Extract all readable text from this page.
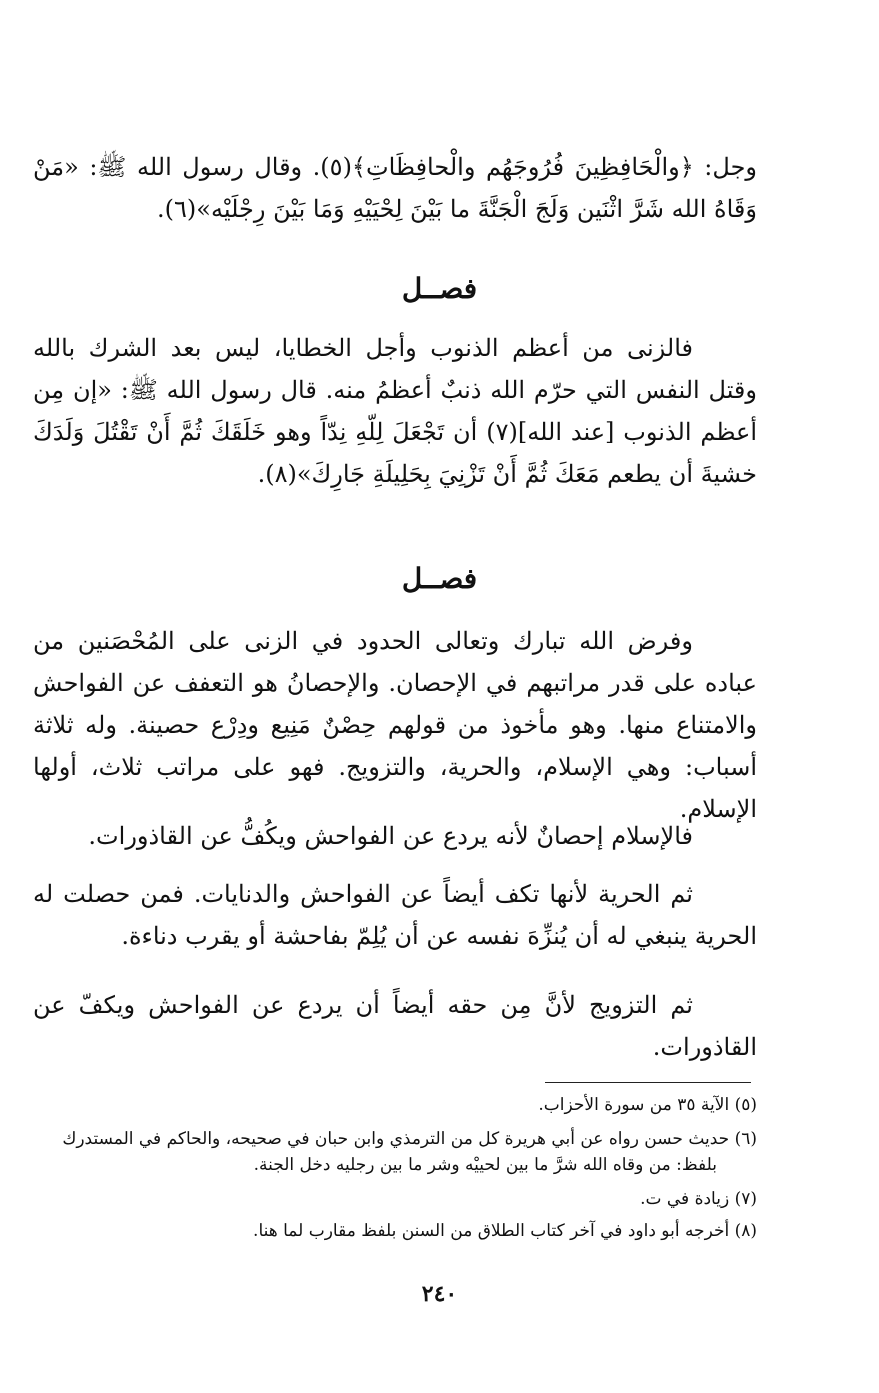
وجل: ﴿والْحَافِظِينَ فُرُوجَهُم والْحافِظَاتِ﴾(٥). وقال رسول الله ﷺ: «مَنْ وَقَاهُ الله شَرَّ اثْنَين وَلَجَ الْجَنَّةَ ما بَيْنَ لِحْيَيْهِ وَمَا بَيْنَ رِجْلَيْه»(٦).

فصــل

فالزنى من أعظم الذنوب وأجل الخطايا، ليس بعد الشرك بالله وقتل النفس التي حرّم الله ذنبٌ أعظمُ منه. قال رسول الله ﷺ: «إن مِن أعظم الذنوب [عند الله](٧) أن تَجْعَلَ لِلّهِ نِدّاً وهو خَلَقَكَ ثُمَّ أَنْ تَقْتُلَ وَلَدَكَ خشيةَ أن يطعم مَعَكَ ثُمَّ أَنْ تَزْنِيَ بِحَلِيلَةِ جَارِكَ»(٨).

فصــل

وفرض الله تبارك وتعالى الحدود في الزنى على المُحْصَنين من عباده على قدر مراتبهم في الإحصان. والإحصانُ هو التعفف عن الفواحش والامتناع منها. وهو مأخوذ من قولهم حِصْنٌ مَنِيع ودِرْع حصينة. وله ثلاثة أسباب: وهي الإسلام، والحرية، والتزويج. فهو على مراتب ثلاث، أولها الإسلام.

فالإسلام إحصانٌ لأنه يردع عن الفواحش ويكُفُّ عن القاذورات.

ثم الحرية لأنها تكف أيضاً عن الفواحش والدنايات. فمن حصلت له الحرية ينبغي له أن يُنزِّهَ نفسه عن أن يُلِمّ بفاحشة أو يقرب دناءة.

ثم التزويج لأنَّ مِن حقه أيضاً أن يردع عن الفواحش ويكفّ عن القاذورات.

(٥) الآية ٣٥ من سورة الأحزاب.

(٦) حديث حسن رواه عن أبي هريرة كل من الترمذي وابن حبان في صحيحه، والحاكم في المستدرك
بلفظ: من وقاه الله شرَّ ما بين لحييْه وشر ما بين رجليه دخل الجنة.

(٧) زيادة في ت.

(٨) أخرجه أبو داود في آخر كتاب الطلاق من السنن بلفظ مقارب لما هنا.

٢٤٠
